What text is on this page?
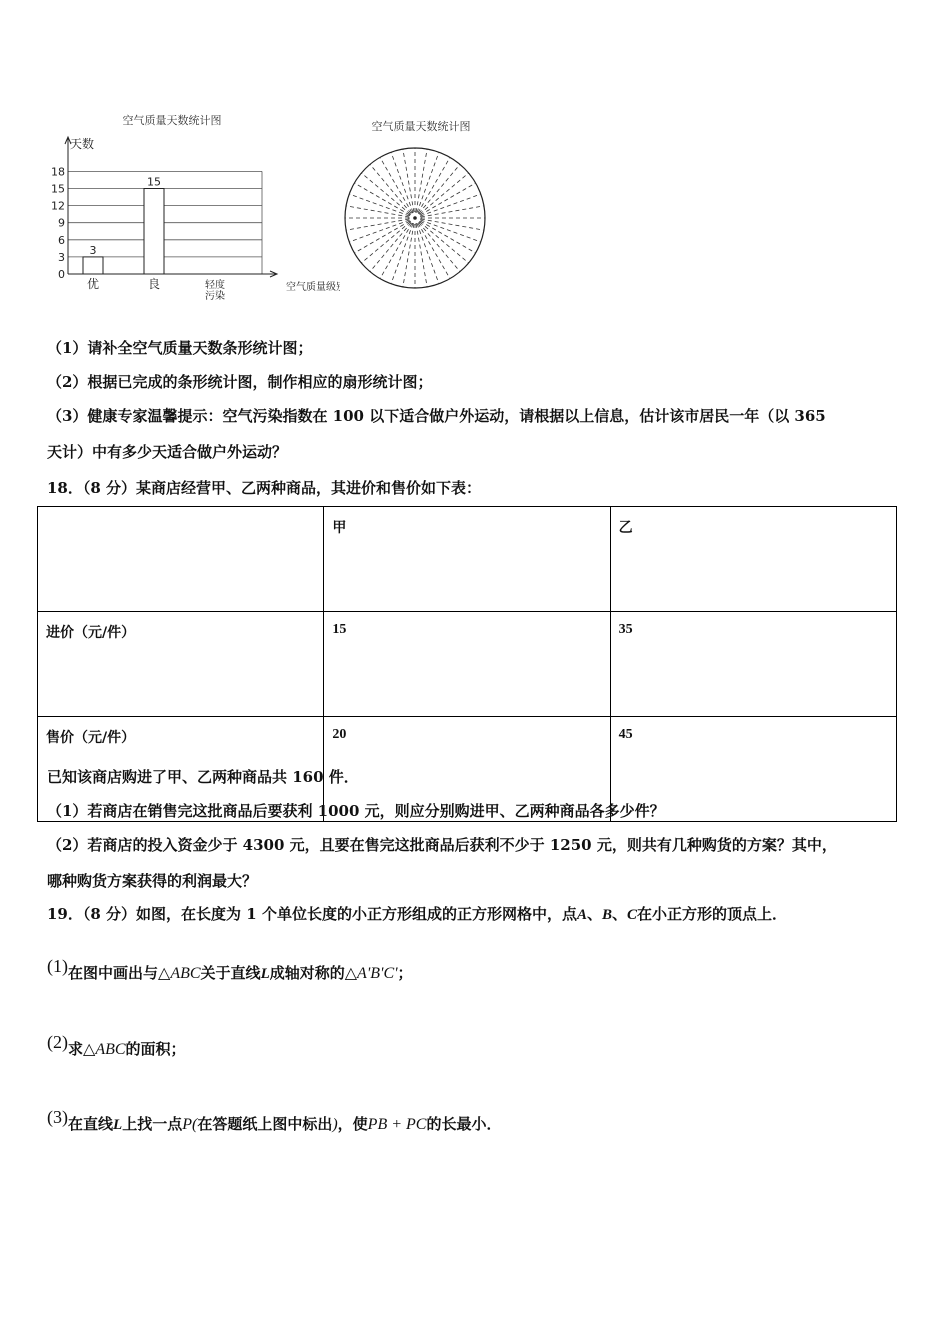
空气质量天数统计图
天数
0
3
6
9
12
15
18
3
15
优	良	轻度
污染
空气质量级别
空气质量天数统计图
（1）请补全空气质量天数条形统计图；
（2）根据已完成的条形统计图，制作相应的扇形统计图；
（3）健康专家温馨提示：空气污染指数在 100 以下适合做户外运动，请根据以上信息，估计该市居民一年（以 365
天计）中有多少天适合做户外运动？
18．（8 分）某商店经营甲、乙两种商品，其进价和售价如下表：
	甲	乙
进价（元/件）	15	35
售价（元/件）	20	45
已知该商店购进了甲、乙两种商品共 160 件．
（1）若商店在销售完这批商品后要获利 1000 元，则应分别购进甲、乙两种商品各多少件？
（2）若商店的投入资金少于 4300 元，且要在售完这批商品后获利不少于 1250 元，则共有几种购货的方案？其中，
哪种购货方案获得的利润最大？
19．（8 分）如图，在长度为 1 个单位长度的小正方形组成的正方形网格中，点A、B、C在小正方形的顶点上．
(1)在图中画出与△ABC关于直线L成轴对称的△A'B'C'；
(2)求△ABC的面积；
(3)在直线L上找一点P(在答题纸上图中标出)，使PB + PC的长最小．
